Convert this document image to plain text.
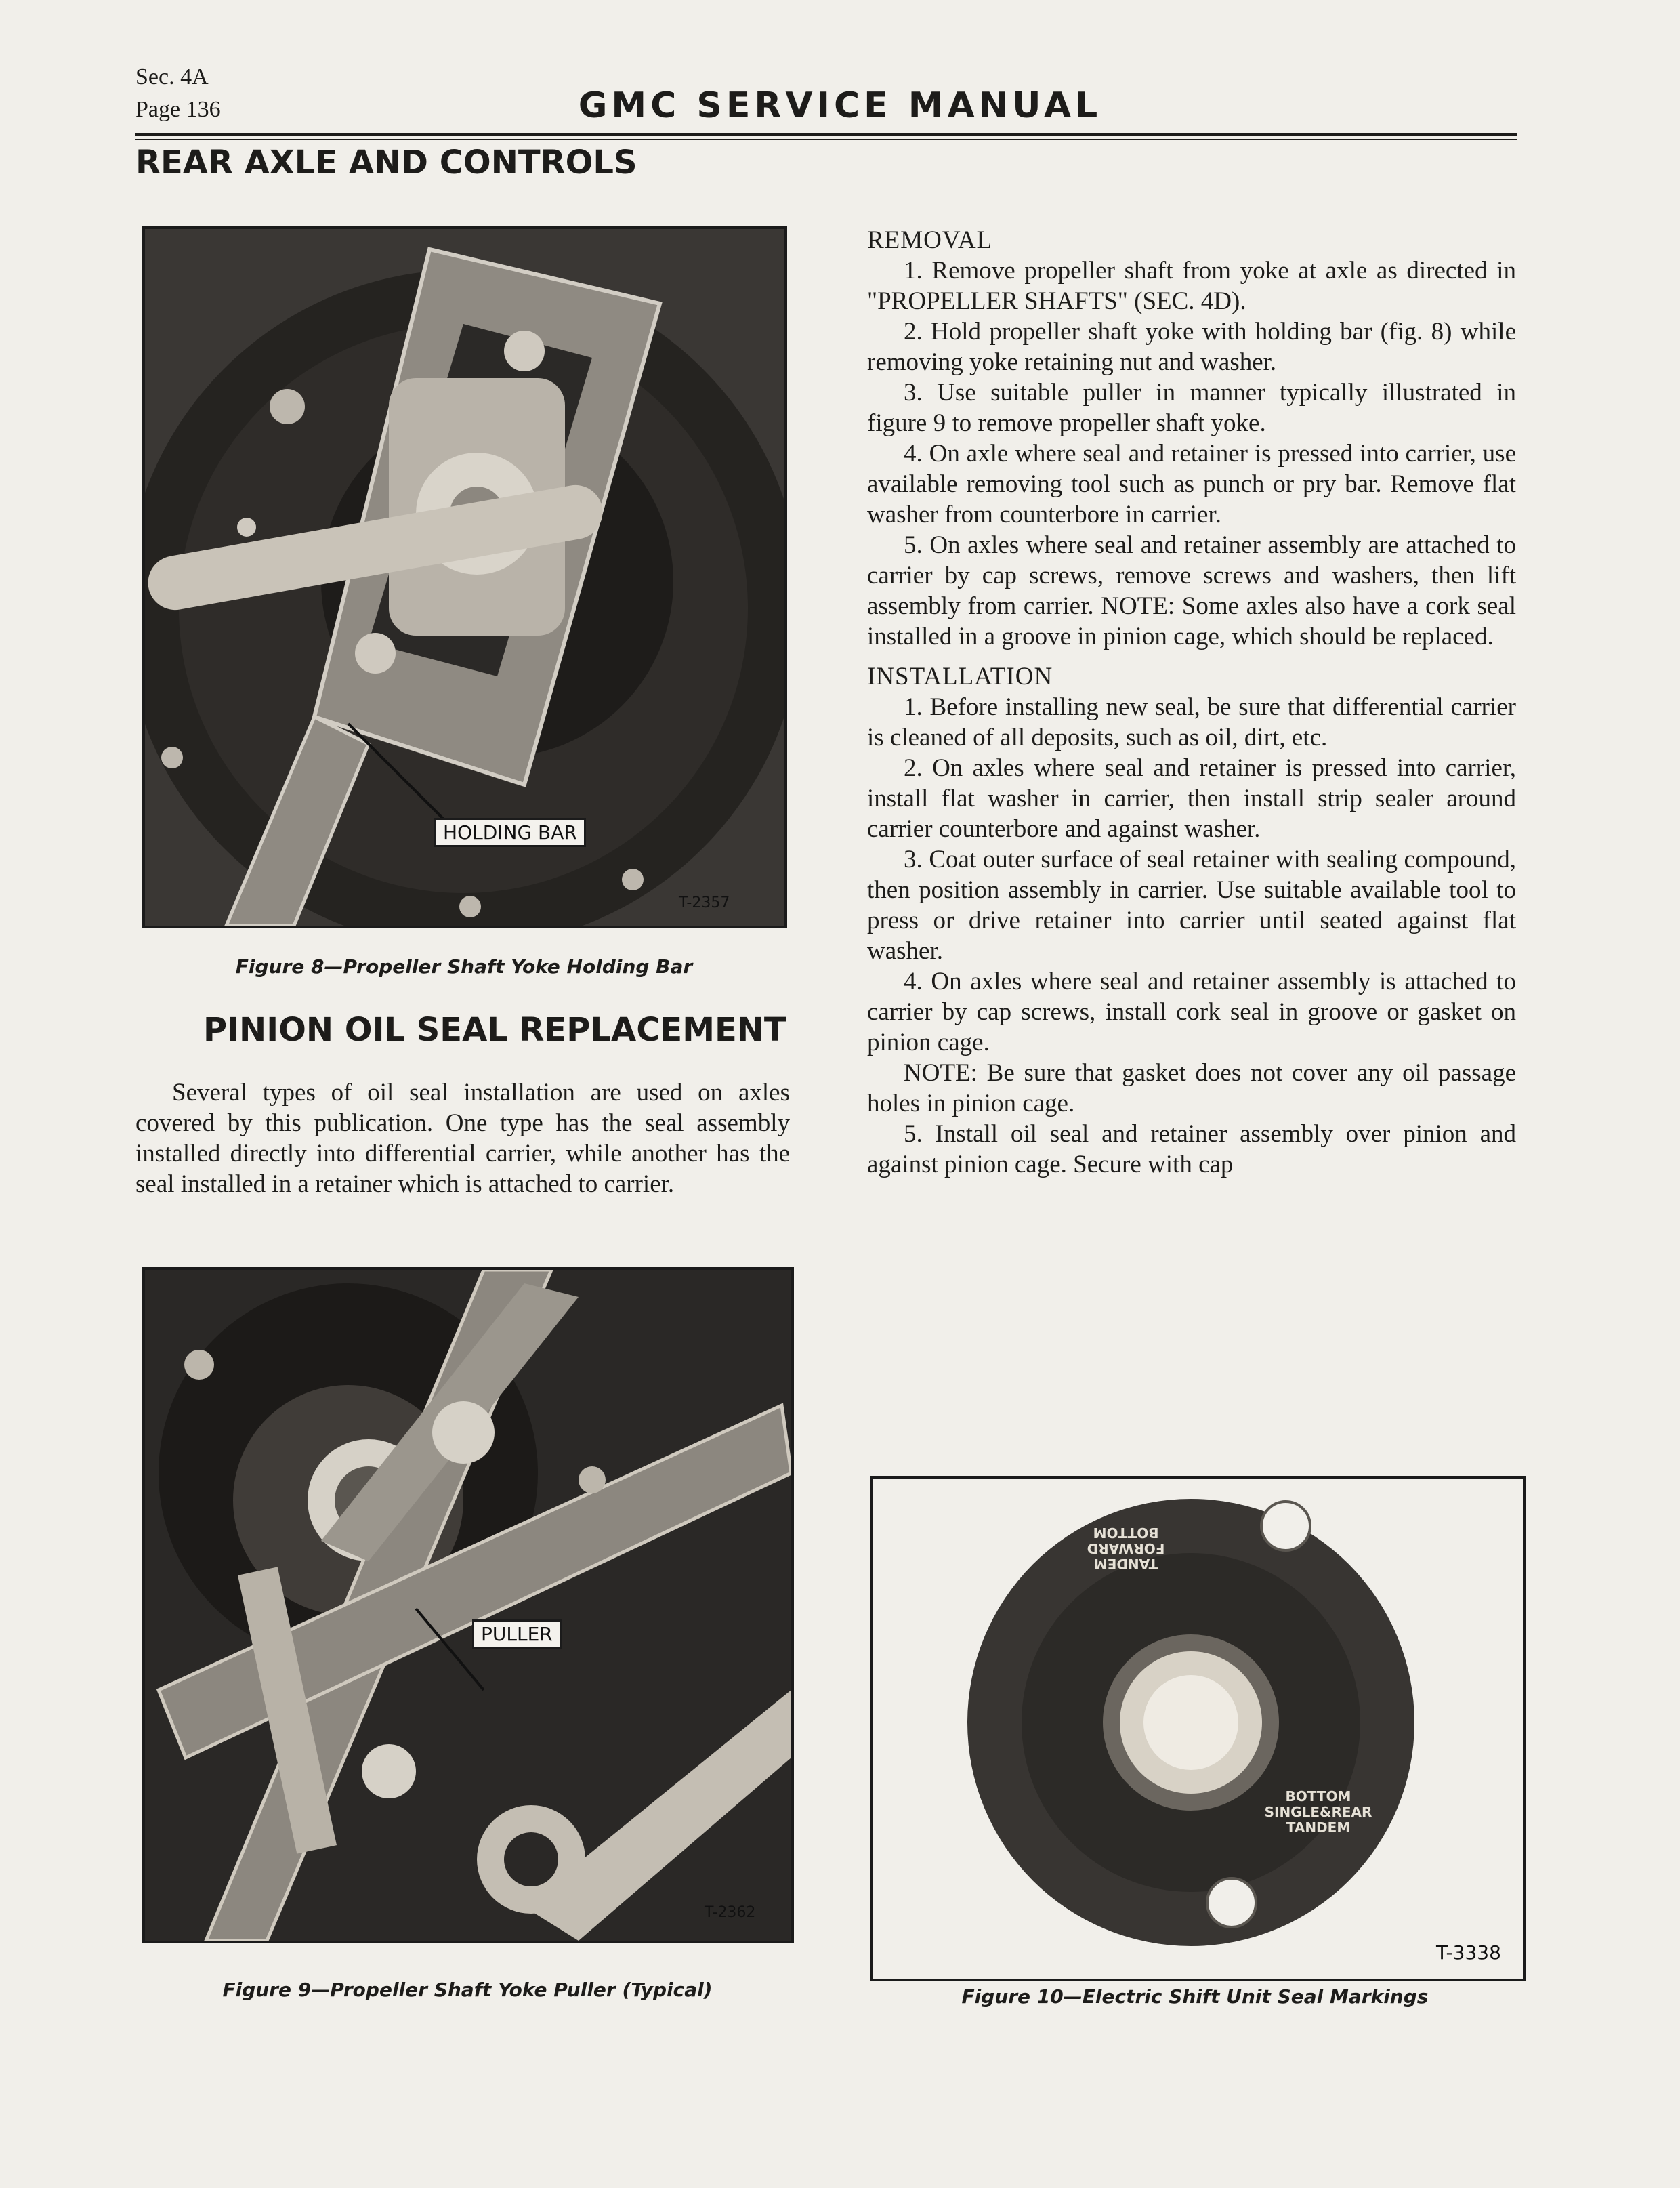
Sec. 4A
Page 136	GMC SERVICE MANUAL
REAR AXLE AND CONTROLS
HOLDING BAR
T-2357
Figure 8—Propeller Shaft Yoke Holding Bar
PINION OIL SEAL REPLACEMENT

Several types of oil seal installation are used on axles covered by this publication. One type has the seal assembly installed directly into differential carrier, while another has the seal installed in a retainer which is attached to carrier.

PULLER
T-2362
Figure 9—Propeller Shaft Yoke Puller (Typical)

REMOVAL

1. Remove propeller shaft from yoke at axle as directed in "PROPELLER SHAFTS" (SEC. 4D).

2. Hold propeller shaft yoke with holding bar (fig. 8) while removing yoke retaining nut and washer.

3. Use suitable puller in manner typically illustrated in figure 9 to remove propeller shaft yoke.

4. On axle where seal and retainer is pressed into carrier, use available removing tool such as punch or pry bar. Remove flat washer from counterbore in carrier.

5. On axles where seal and retainer assembly are attached to carrier by cap screws, remove screws and washers, then lift assembly from carrier. NOTE: Some axles also have a cork seal installed in a groove in pinion cage, which should be replaced.

INSTALLATION

1. Before installing new seal, be sure that differential carrier is cleaned of all deposits, such as oil, dirt, etc.

2. On axles where seal and retainer is pressed into carrier, install flat washer in carrier, then install strip sealer around carrier counterbore and against washer.

3. Coat outer surface of seal retainer with sealing compound, then position assembly in carrier. Use suitable available tool to press or drive retainer into carrier until seated against flat washer.

4. On axles where seal and retainer assembly is attached to carrier by cap screws, install cork seal in groove or gasket on pinion cage.

NOTE: Be sure that gasket does not cover any oil passage holes in pinion cage.

5. Install oil seal and retainer assembly over pinion and against pinion cage. Secure with cap

TANDEM
FORWARD
BOTTOM
BOTTOM
SINGLE&REAR
TANDEM
T-3338
Figure 10—Electric Shift Unit Seal Markings
